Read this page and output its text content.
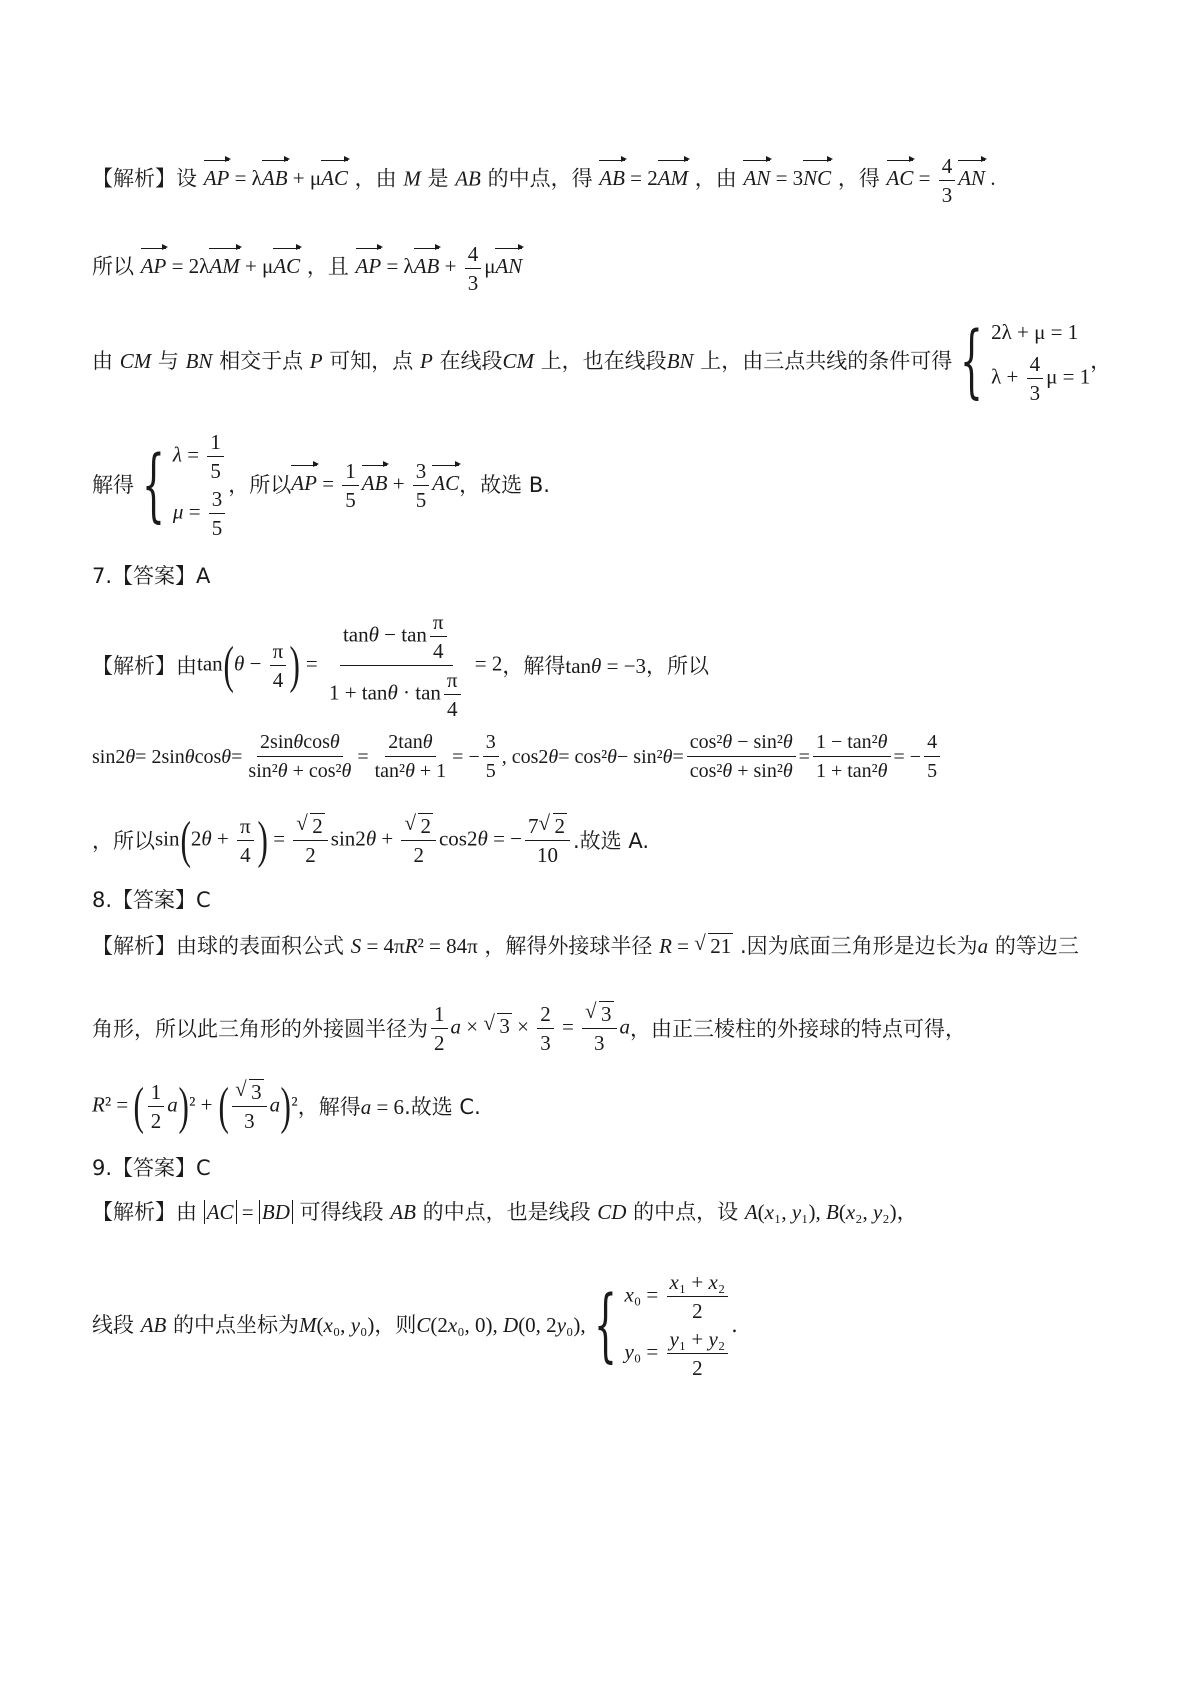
【解析】设 AP = λAB + μAC ，由 M 是 AB 的中点，得 AB = 2AM ，由 AN = 3NC ，得 AC = $\frac{4}{3}$ AN .
所以 AP = 2λAM + μAC ，且 AP = $\lambda AB + \frac{4}{3}$ μAN
由
CM
与
BN
相交于点
P
可知，点
P
在线段 CM
上，也在线段 BN
上，由三点共线的条件可得 { 2λ + μ = 1
$\lambda + \frac{4}{3}$ μ = 1
，
解得 { $\lambda = \frac{1}{5}$
$\mu = \frac{3}{5}$ ，所以 AP = $\frac{1}{5}$ AB + $\frac{3}{5}$ AC ，故选 B.
7.【答案】A
【解析】由 $\tan(\theta - \frac{\pi}{4}$ ) = $\frac{\tan\theta - \tan \frac{\pi}{4}}{1 + \tan\theta \cdot \tan \frac{\pi}{4}} = 2$ ，解得 tanθ = −3 ，所以
sin2 θ = 2sin θ $\cos \theta = \frac{2\sin\theta\cos\theta}{\text{sin²θ + cos²θ}} = \frac{2\tan\theta}{\text{tan²θ + 1}}$ = − $\frac{3}{5}$ , cos2 θ = cos² θ − sin² $\theta = \frac{\text{cos²θ − sin²θ}}{\text{cos²θ + sin²θ}} = \frac{\text{1 − tan²θ}}{\text{1 + tan²θ}}$ = − $\frac{4}{5}$
，所以 $\sin(2\theta + \frac{\pi}{4}$ ) = √ $\frac{2}{2} \sin 2\theta$ + √ $\frac{2}{2} \cos 2\theta$ = − $\frac{7 √ 2}{10}$ .故选 A.
8.【答案】C
【解析】由球的表面积公式 S = 4πR² = 84π ，解得外接球半径 R = √ 21 .因为底面三角形是边长为a 的等边三
角形，所以此三角形的外接圆半径为 $\frac{1}{2}$ a × √ $3 \times \frac{2}{3}$ = √ $\frac{3}{3}$ a ，由正三棱柱的外接球的特点可得，
R² = ( $\frac{1}{2} a)^2$ + ( √ $\frac{3}{3} a)^2$ ，解得 a = 6 .故选 C.
9.【答案】C
【解析】由 AC = BD 可得线段 AB 的中点，也是线段 CD 的中点，设 A(x₁, y₁), B(x₂, y₂)，
线段
AB
的中点坐标为 M(x₀, y₀) ，则 C(2x₀, 0), D(0, 2y₀), { $x_0 = \frac{\text{x₁ + x₂}}{2}$
$y_0 = \frac{\text{y₁ + y₂}}{2}$ .
